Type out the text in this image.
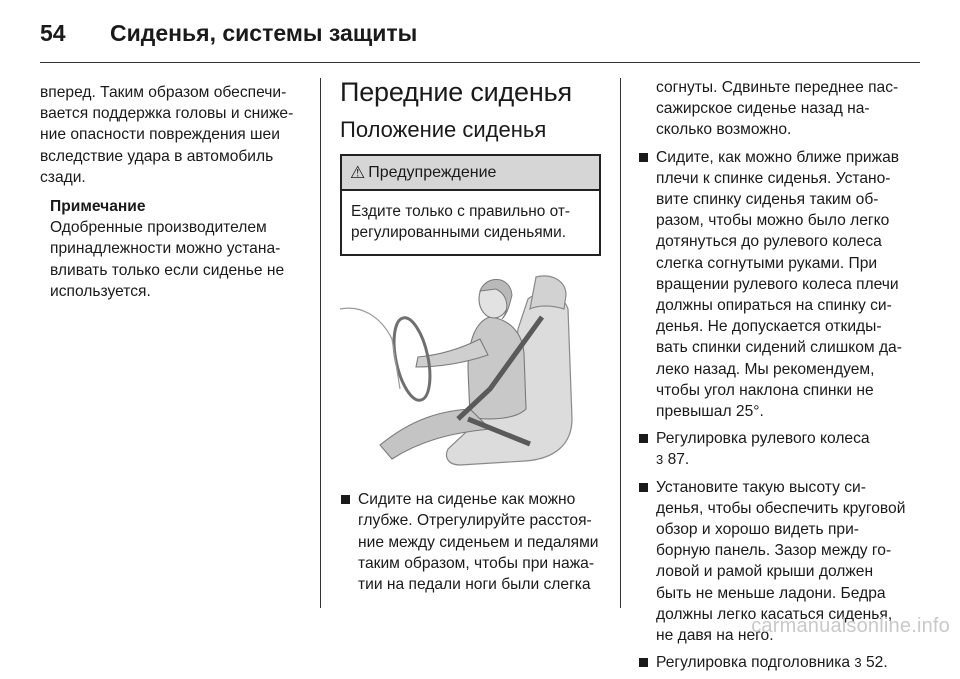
54	Сиденья, системы защиты

вперед. Таким образом обеспечивается поддержка головы и снижение опасности повреждения шеи вследствие удара в автомобиль сзади.

Примечание

Одобренные производителем принадлежности можно устанавливать только если сиденье не используется.

Передние сиденья
Положение сиденья
⚠ Предупреждение
Ездите только с правильно отрегулированными сиденьями.
Сидите на сиденье как можно глубже. Отрегулируйте расстояние между сиденьем и педалями таким образом, чтобы при нажатии на педали ноги были слегка

согнуты. Сдвиньте переднее пассажирское сиденье назад насколько возможно.

Сидите, как можно ближе прижав плечи к спинке сиденья. Установите спинку сиденья таким образом, чтобы можно было легко дотянуться до рулевого колеса слегка согнутыми руками. При вращении рулевого колеса плечи должны опираться на спинку сиденья. Не допускается откидывать спинки сидений слишком далеко назад. Мы рекомендуем, чтобы угол наклона спинки не превышал 25°.
Регулировка рулевого колеса
3 87.
Установите такую высоту сиденья, чтобы обеспечить круговой обзор и хорошо видеть приборную панель. Зазор между головой и рамой крыши должен быть не меньше ладони. Бедра должны легко касаться сиденья, не давя на него.
Регулировка подголовника 3 52.
carmanualsonline.info
